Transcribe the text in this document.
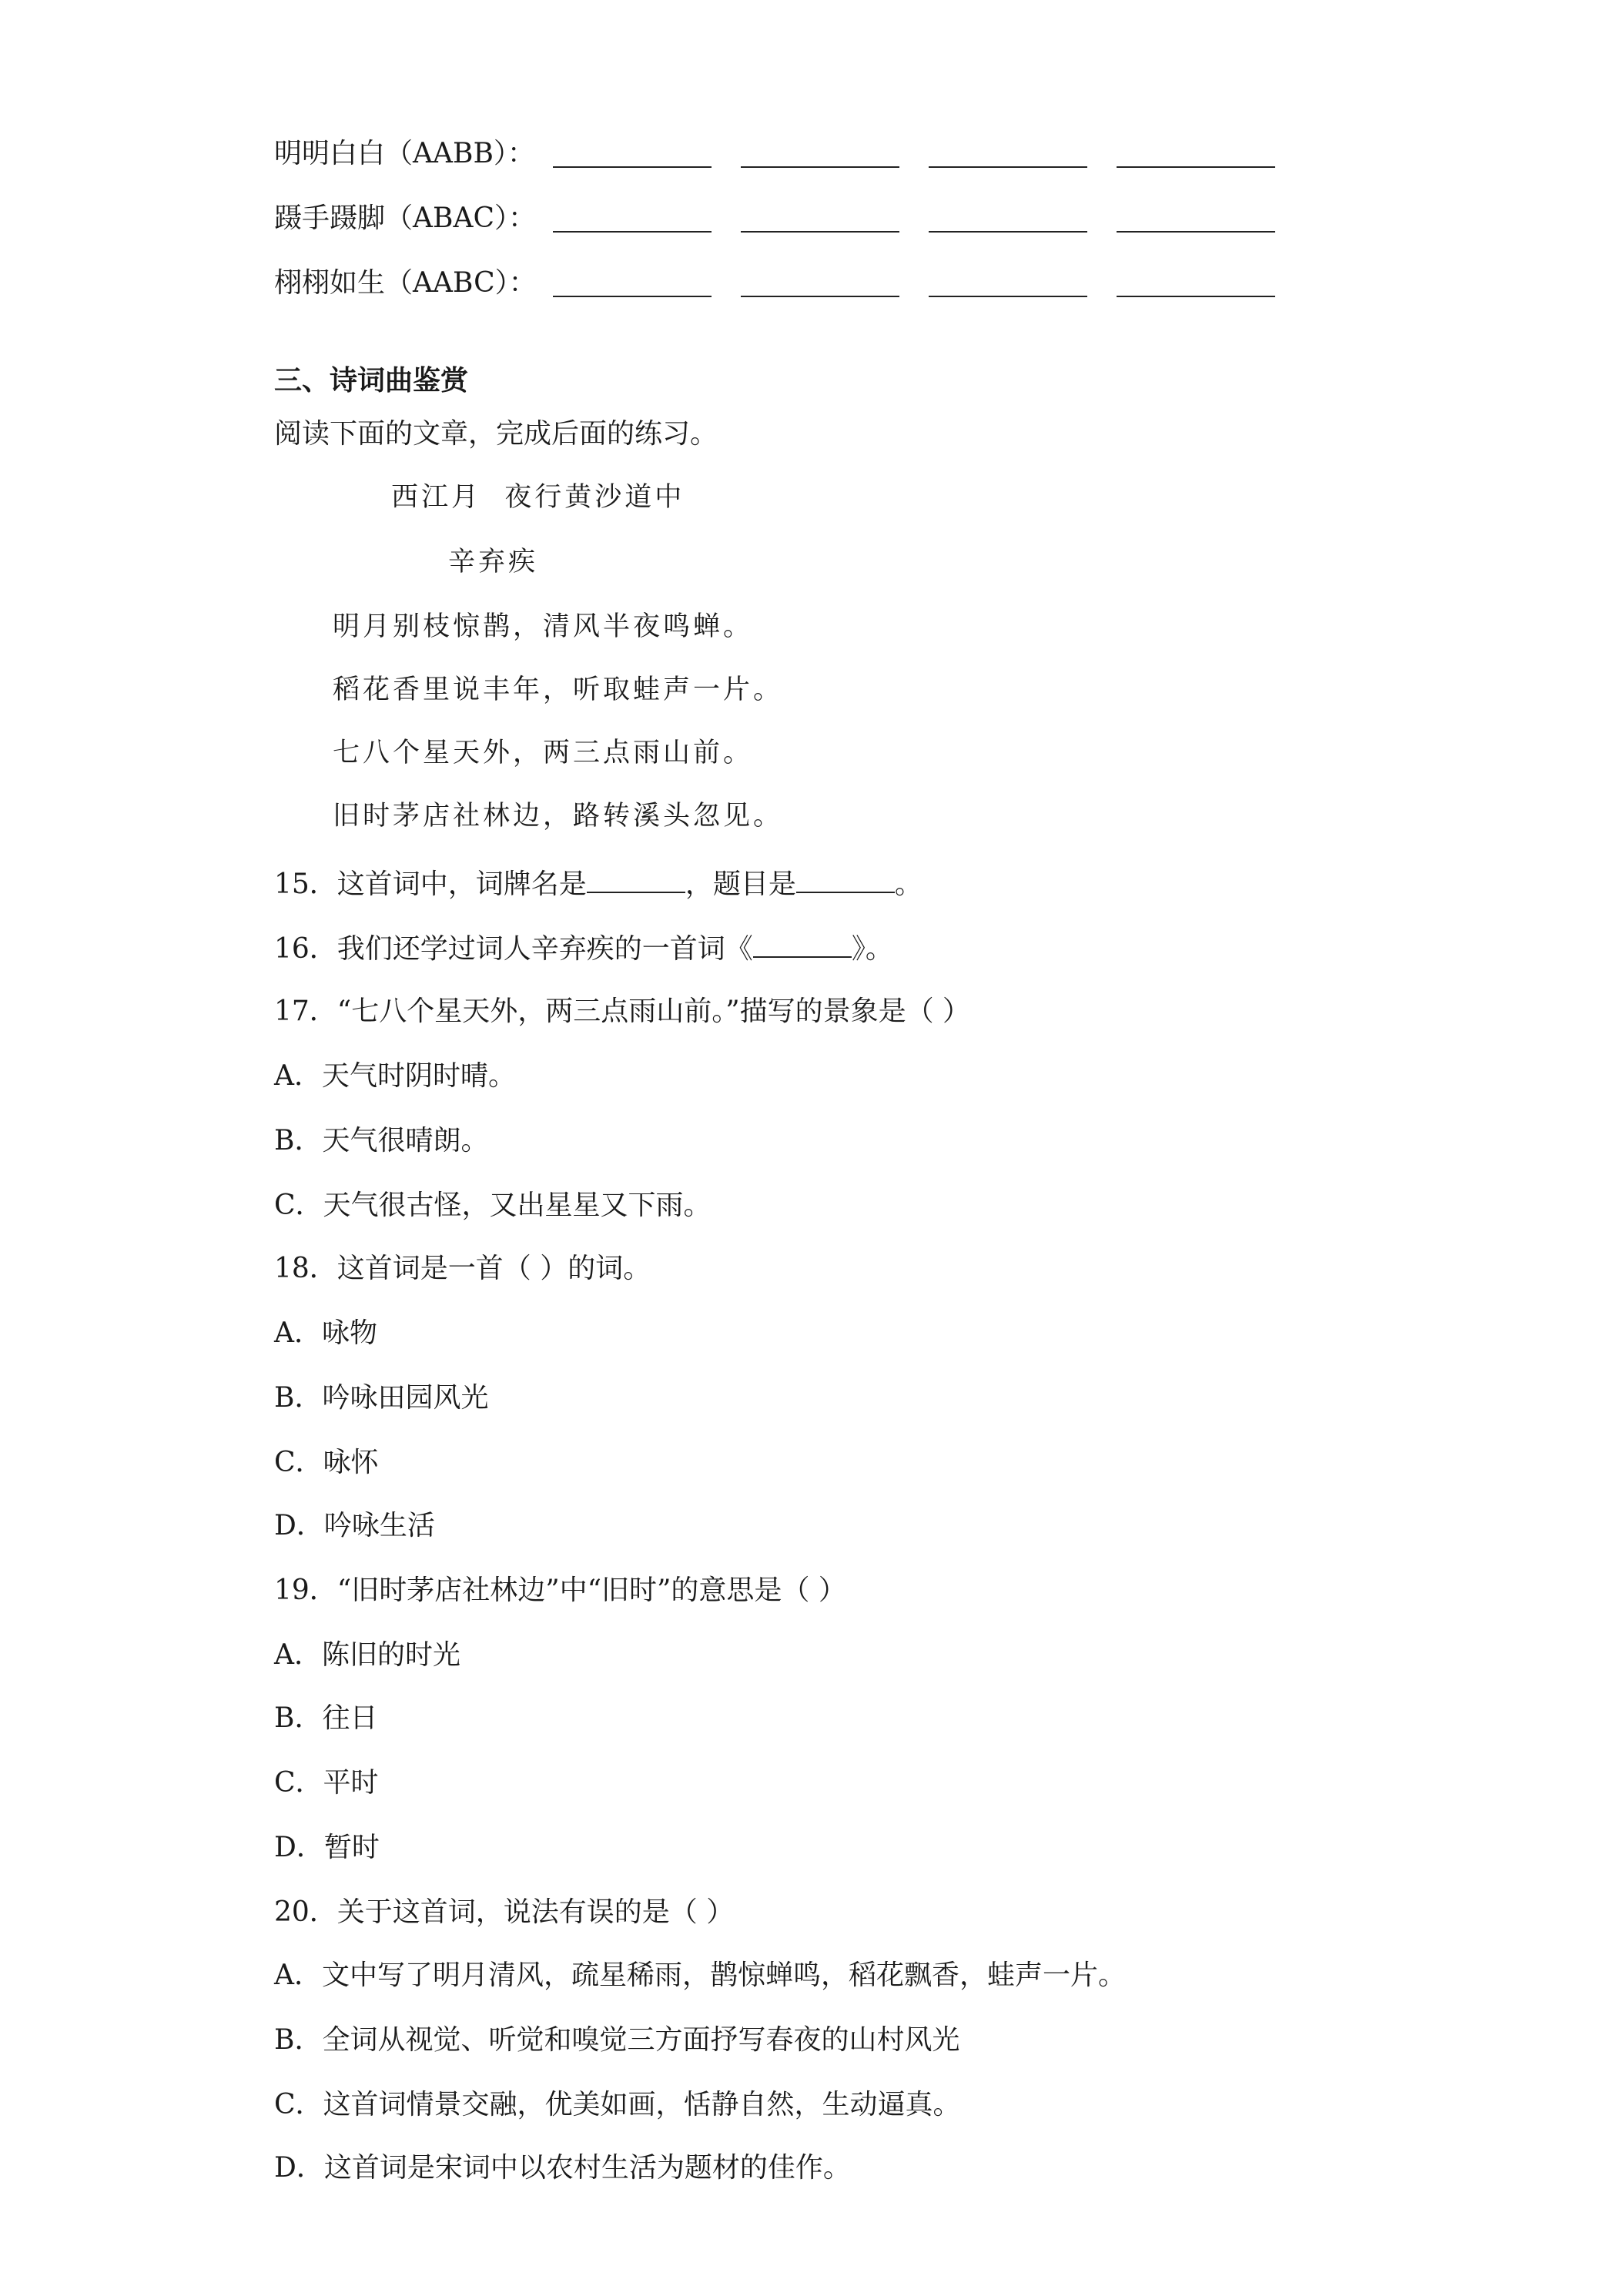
明明白白（AABB）：
蹑手蹑脚（ABAC）：
栩栩如生（AABC）：
三、诗词曲鉴赏
阅读下面的文章，完成后面的练习。
西江月  夜行黄沙道中
辛弃疾
明月别枝惊鹊，清风半夜鸣蝉。
稻花香里说丰年，听取蛙声一片。
七八个星天外，两三点雨山前。
旧时茅店社林边，路转溪头忽见。
15．这首词中，词牌名是	，题目是	。
16．我们还学过词人辛弃疾的一首词《	》。
17．“七八个星天外，两三点雨山前。”描写的景象是（ ）
A．天气时阴时晴。
B．天气很晴朗。
C．天气很古怪，又出星星又下雨。
18．这首词是一首（ ）的词。
A．咏物
B．吟咏田园风光
C．咏怀
D．吟咏生活
19．“旧时茅店社林边”中“旧时”的意思是（ ）
A．陈旧的时光
B．往日
C．平时
D．暂时
20．关于这首词，说法有误的是（ ）
A．文中写了明月清风，疏星稀雨，鹊惊蝉鸣，稻花飘香，蛙声一片。
B．全词从视觉、听觉和嗅觉三方面抒写春夜的山村风光
C．这首词情景交融，优美如画，恬静自然，生动逼真。
D．这首词是宋词中以农村生活为题材的佳作。
